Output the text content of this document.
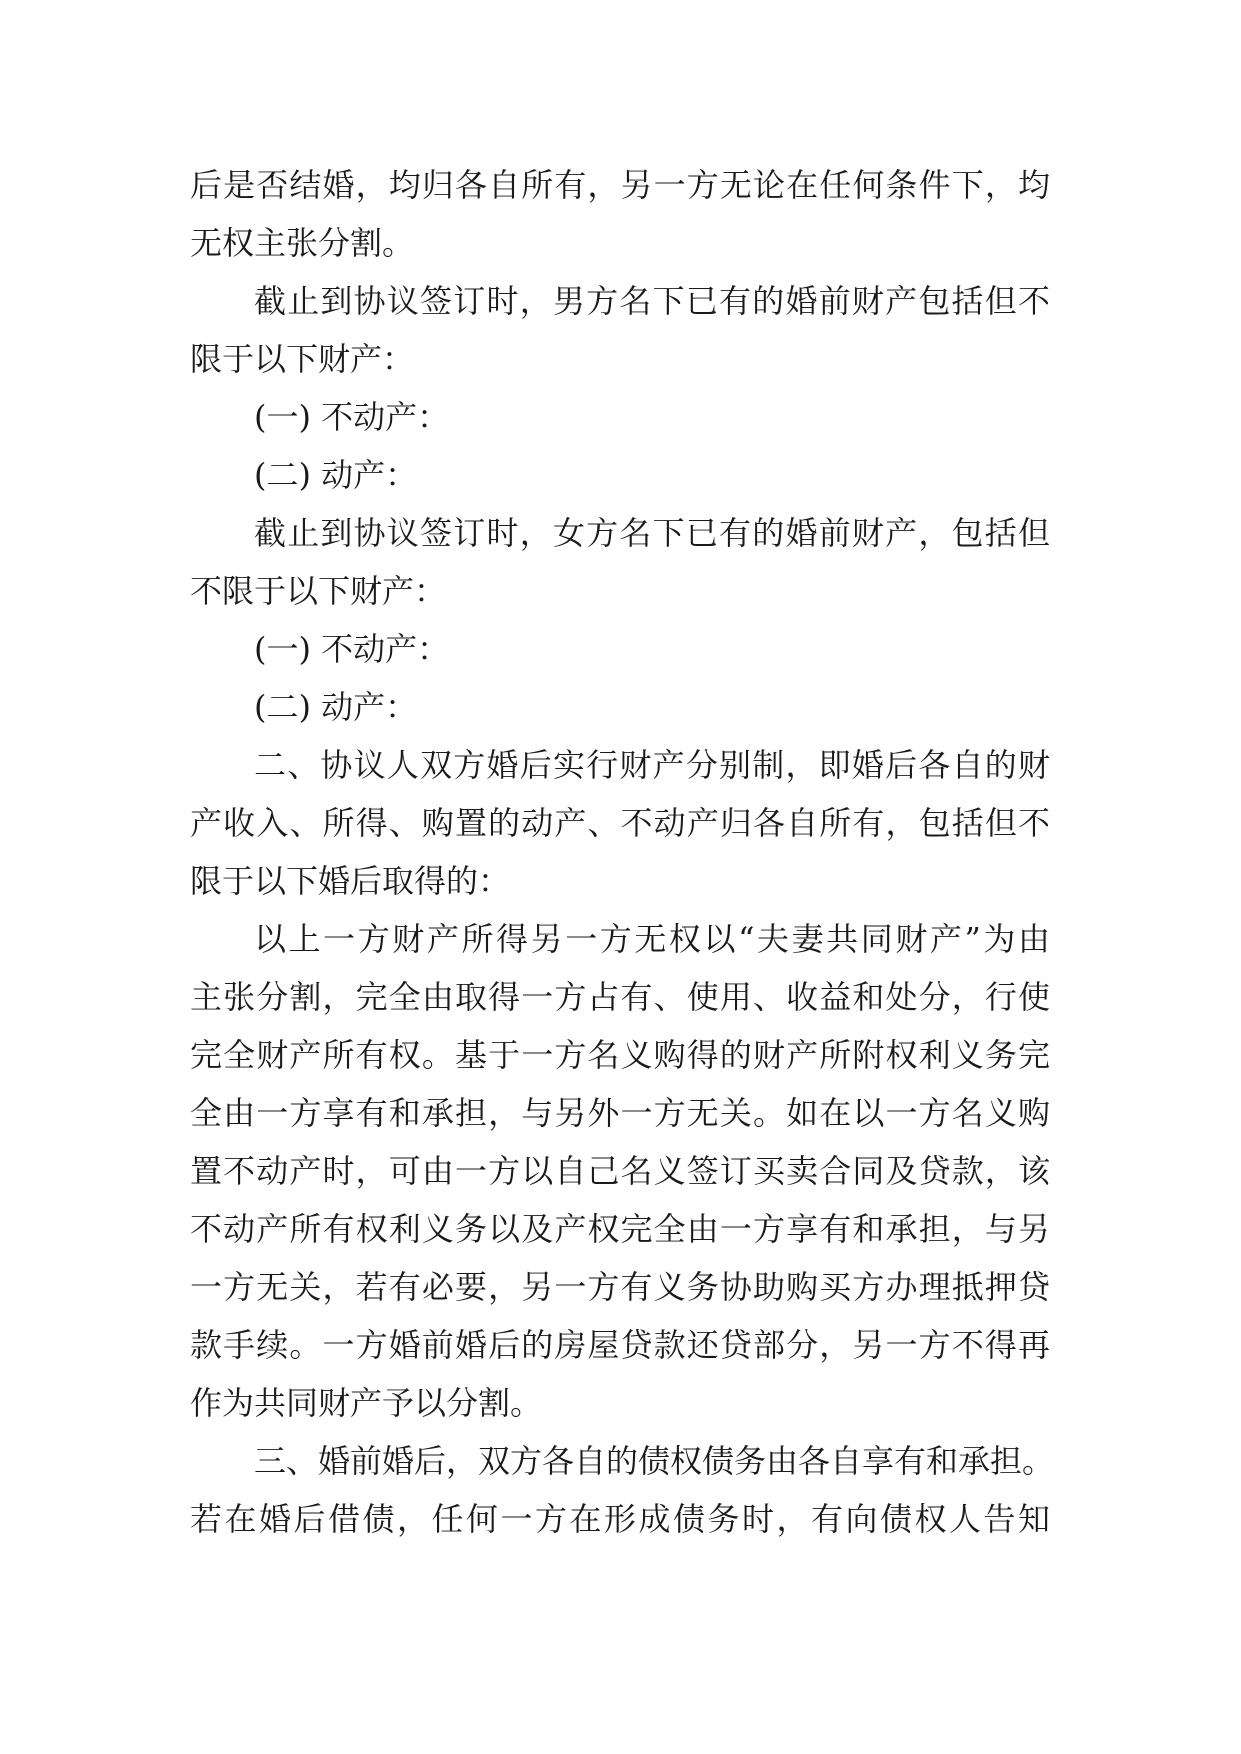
后是否结婚，均归各自所有，另一方无论在任何条件下，均
无权主张分割。
截止到协议签订时，男方名下已有的婚前财产包括但不
限于以下财产：
(一) 不动产：
(二) 动产：
截止到协议签订时，女方名下已有的婚前财产，包括但
不限于以下财产：
(一) 不动产：
(二) 动产：
二、协议人双方婚后实行财产分别制，即婚后各自的财
产收入、所得、购置的动产、不动产归各自所有，包括但不
限于以下婚后取得的：
以上一方财产所得另一方无权以“夫妻共同财产”为由
主张分割，完全由取得一方占有、使用、收益和处分，行使
完全财产所有权。基于一方名义购得的财产所附权利义务完
全由一方享有和承担，与另外一方无关。如在以一方名义购
置不动产时，可由一方以自己名义签订买卖合同及贷款，该
不动产所有权利义务以及产权完全由一方享有和承担，与另
一方无关，若有必要，另一方有义务协助购买方办理抵押贷
款手续。一方婚前婚后的房屋贷款还贷部分，另一方不得再
作为共同财产予以分割。
三、婚前婚后，双方各自的债权债务由各自享有和承担。
若在婚后借债，任何一方在形成债务时，有向债权人告知
